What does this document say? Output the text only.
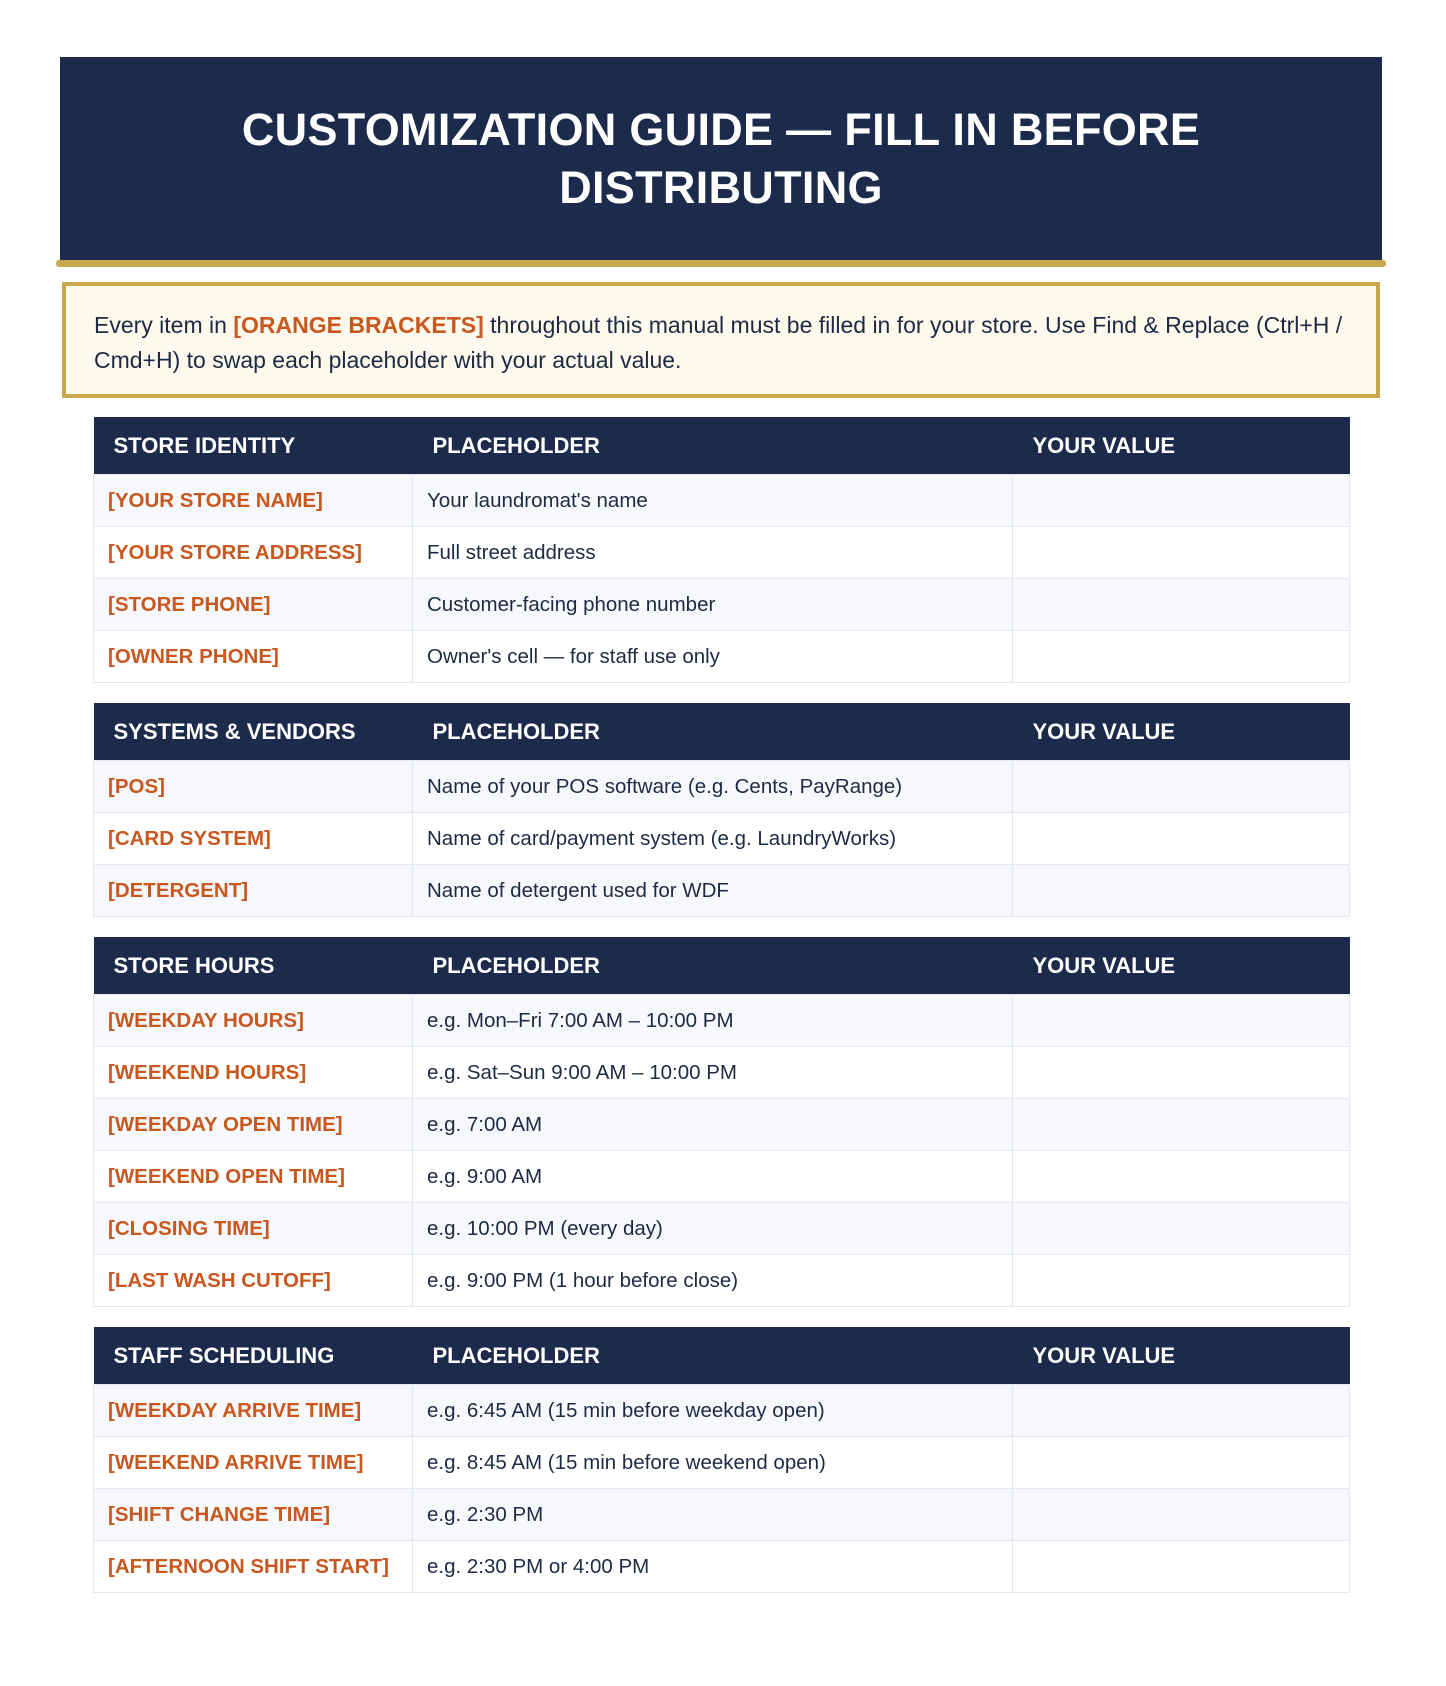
CUSTOMIZATION GUIDE — FILL IN BEFORE DISTRIBUTING
Every item in [ORANGE BRACKETS] throughout this manual must be filled in for your store. Use Find & Replace (Ctrl+H / Cmd+H) to swap each placeholder with your actual value.
STORE IDENTITY	PLACEHOLDER	YOUR VALUE
[YOUR STORE NAME]	Your laundromat's name	
[YOUR STORE ADDRESS]	Full street address	
[STORE PHONE]	Customer-facing phone number	
[OWNER PHONE]	Owner's cell — for staff use only	
SYSTEMS & VENDORS	PLACEHOLDER	YOUR VALUE
[POS]	Name of your POS software (e.g. Cents, PayRange)	
[CARD SYSTEM]	Name of card/payment system (e.g. LaundryWorks)	
[DETERGENT]	Name of detergent used for WDF	
STORE HOURS	PLACEHOLDER	YOUR VALUE
[WEEKDAY HOURS]	e.g. Mon–Fri 7:00 AM – 10:00 PM	
[WEEKEND HOURS]	e.g. Sat–Sun 9:00 AM – 10:00 PM	
[WEEKDAY OPEN TIME]	e.g. 7:00 AM	
[WEEKEND OPEN TIME]	e.g. 9:00 AM	
[CLOSING TIME]	e.g. 10:00 PM (every day)	
[LAST WASH CUTOFF]	e.g. 9:00 PM (1 hour before close)	
STAFF SCHEDULING	PLACEHOLDER	YOUR VALUE
[WEEKDAY ARRIVE TIME]	e.g. 6:45 AM (15 min before weekday open)	
[WEEKEND ARRIVE TIME]	e.g. 8:45 AM (15 min before weekend open)	
[SHIFT CHANGE TIME]	e.g. 2:30 PM	
[AFTERNOON SHIFT START]	e.g. 2:30 PM or 4:00 PM	
